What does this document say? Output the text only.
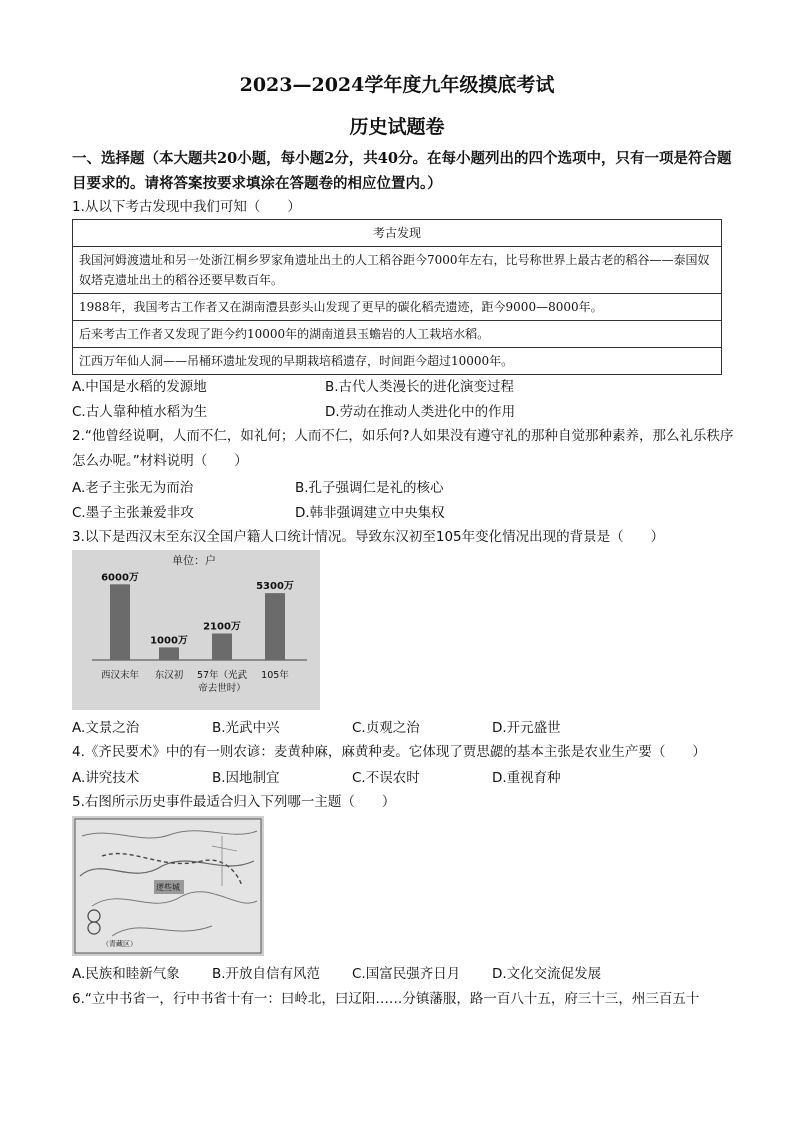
2023—2024学年度九年级摸底考试
历史试题卷
一、选择题（本大题共20小题，每小题2分，共40分。在每小题列出的四个选项中，只有一项是符合题目要求的。请将答案按要求填涂在答题卷的相应位置内。）
1.从以下考古发现中我们可知（　　）
考古发现
我国河姆渡遗址和另一处浙江桐乡罗家角遗址出土的人工稻谷距今7000年左右，比号称世界上最古老的稻谷——泰国奴奴塔克遗址出土的稻谷还要早数百年。
1988年，我国考古工作者又在湖南澧县彭头山发现了更早的碳化稻壳遗迹，距今9000—8000年。
后来考古工作者又发现了距今约10000年的湖南道县玉蟾岩的人工栽培水稻。
江西万年仙人洞——吊桶环遗址发现的早期栽培稻遗存，时间距今超过10000年。
A.中国是水稻的发源地	B.古代人类漫长的进化演变过程
C.古人靠种植水稻为生	D.劳动在推动人类进化中的作用
2.“他曾经说啊，人而不仁，如礼何；人而不仁，如乐何?人如果没有遵守礼的那种自觉那种素养，那么礼乐秩序怎么办呢。”材料说明（　　）
A.老子主张无为而治	B.孔子强调仁是礼的核心
C.墨子主张兼爱非攻	D.韩非强调建立中央集权
3.以下是西汉末至东汉全国户籍人口统计情况。导致东汉初至105年变化情况出现的背景是（　　）
单位：户
6000万
西汉末年
1000万
东汉初
2100万
57年（光武
帝去世时）
5300万
105年
A.文景之治	B.光武中兴	C.贞观之治	D.开元盛世
4.《齐民要术》中的有一则农谚：麦黄种麻，麻黄种麦。它体现了贾思勰的基本主张是农业生产要（　　）
A.讲究技术	B.因地制宜	C.不误农时	D.重视育种
5.右图所示历史事件最适合归入下列哪一主题（　　）
逻些城
（青藏区）
A.民族和睦新气象 B.开放自信有风范 C.国富民强齐日月 D.文化交流促发展
6.“立中书省一，行中书省十有一：曰岭北，曰辽阳……分镇藩服，路一百八十五，府三十三，州三百五十
